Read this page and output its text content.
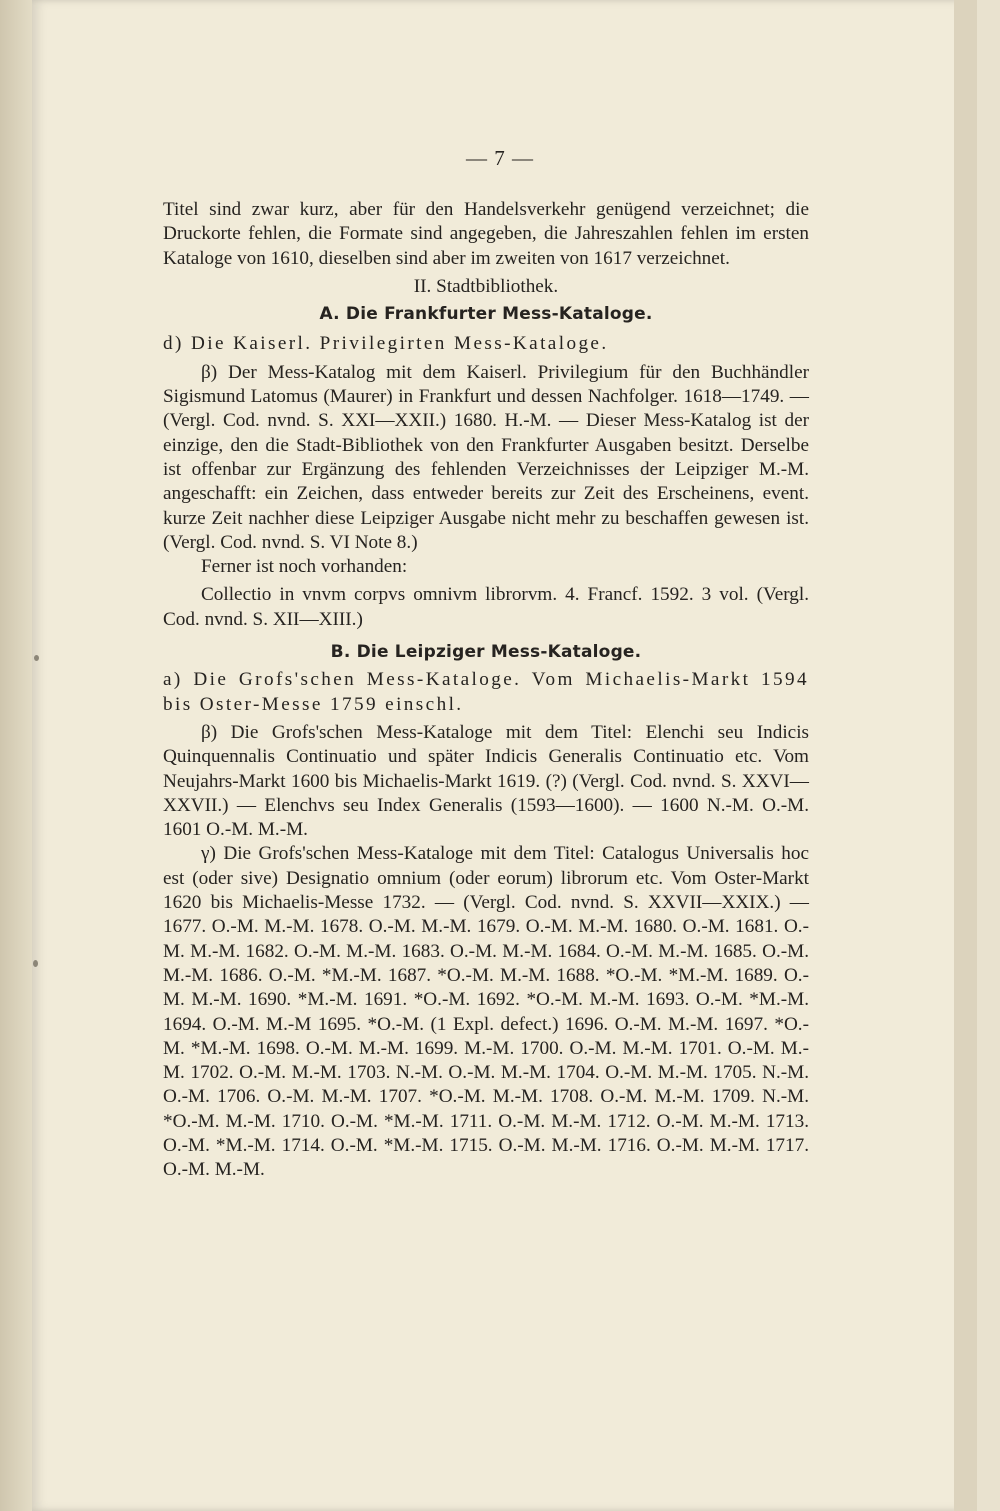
— 7 —

Titel sind zwar kurz, aber für den Handelsverkehr genügend verzeichnet; die Druckorte fehlen, die Formate sind angegeben, die Jahreszahlen fehlen im ersten Kataloge von 1610, dieselben sind aber im zweiten von 1617 verzeichnet.

II. Stadtbibliothek.

A. Die Frankfurter Mess-Kataloge.

d) Die Kaiserl. Privilegirten Mess-Kataloge.

β) Der Mess-Katalog mit dem Kaiserl. Privilegium für den Buchhändler Sigismund Latomus (Maurer) in Frankfurt und dessen Nachfolger. 1618—1749. — (Vergl. Cod. nvnd. S. XXI—XXII.) 1680. H.-M. — Dieser Mess-Katalog ist der einzige, den die Stadt-Bibliothek von den Frankfurter Ausgaben besitzt. Derselbe ist offenbar zur Ergänzung des fehlenden Verzeichnisses der Leipziger M.-M. angeschafft: ein Zeichen, dass entweder bereits zur Zeit des Erscheinens, event. kurze Zeit nachher diese Leipziger Ausgabe nicht mehr zu beschaffen gewesen ist. (Vergl. Cod. nvnd. S. VI Note 8.)

Ferner ist noch vorhanden:

Collectio in vnvm corpvs omnivm librorvm. 4. Francf. 1592. 3 vol. (Vergl. Cod. nvnd. S. XII—XIII.)

B. Die Leipziger Mess-Kataloge.

a) Die Grofs'schen Mess-Kataloge. Vom Michaelis-Markt 1594 bis Oster-Messe 1759 einschl.

β) Die Grofs'schen Mess-Kataloge mit dem Titel: Elenchi seu Indicis Quinquennalis Continuatio und später Indicis Generalis Continuatio etc. Vom Neujahrs-Markt 1600 bis Michaelis-Markt 1619. (?) (Vergl. Cod. nvnd. S. XXVI—XXVII.) — Elenchvs seu Index Generalis (1593—1600). — 1600 N.-M. O.-M. 1601 O.-M. M.-M.

γ) Die Grofs'schen Mess-Kataloge mit dem Titel: Catalogus Universalis hoc est (oder sive) Designatio omnium (oder eorum) librorum etc. Vom Oster-Markt 1620 bis Michaelis-Messe 1732. — (Vergl. Cod. nvnd. S. XXVII—XXIX.) — 1677. O.-M. M.-M. 1678. O.-M. M.-M. 1679. O.-M. M.-M. 1680. O.-M. 1681. O.-M. M.-M. 1682. O.-M. M.-M. 1683. O.-M. M.-M. 1684. O.-M. M.-M. 1685. O.-M. M.-M. 1686. O.-M. *M.-M. 1687. *O.-M. M.-M. 1688. *O.-M. *M.-M. 1689. O.-M. M.-M. 1690. *M.-M. 1691. *O.-M. 1692. *O.-M. M.-M. 1693. O.-M. *M.-M. 1694. O.-M. M.-M 1695. *O.-M. (1 Expl. defect.) 1696. O.-M. M.-M. 1697. *O.-M. *M.-M. 1698. O.-M. M.-M. 1699. M.-M. 1700. O.-M. M.-M. 1701. O.-M. M.-M. 1702. O.-M. M.-M. 1703. N.-M. O.-M. M.-M. 1704. O.-M. M.-M. 1705. N.-M. O.-M. 1706. O.-M. M.-M. 1707. *O.-M. M.-M. 1708. O.-M. M.-M. 1709. N.-M. *O.-M. M.-M. 1710. O.-M. *M.-M. 1711. O.-M. M.-M. 1712. O.-M. M.-M. 1713. O.-M. *M.-M. 1714. O.-M. *M.-M. 1715. O.-M. M.-M. 1716. O.-M. M.-M. 1717. O.-M. M.-M.
